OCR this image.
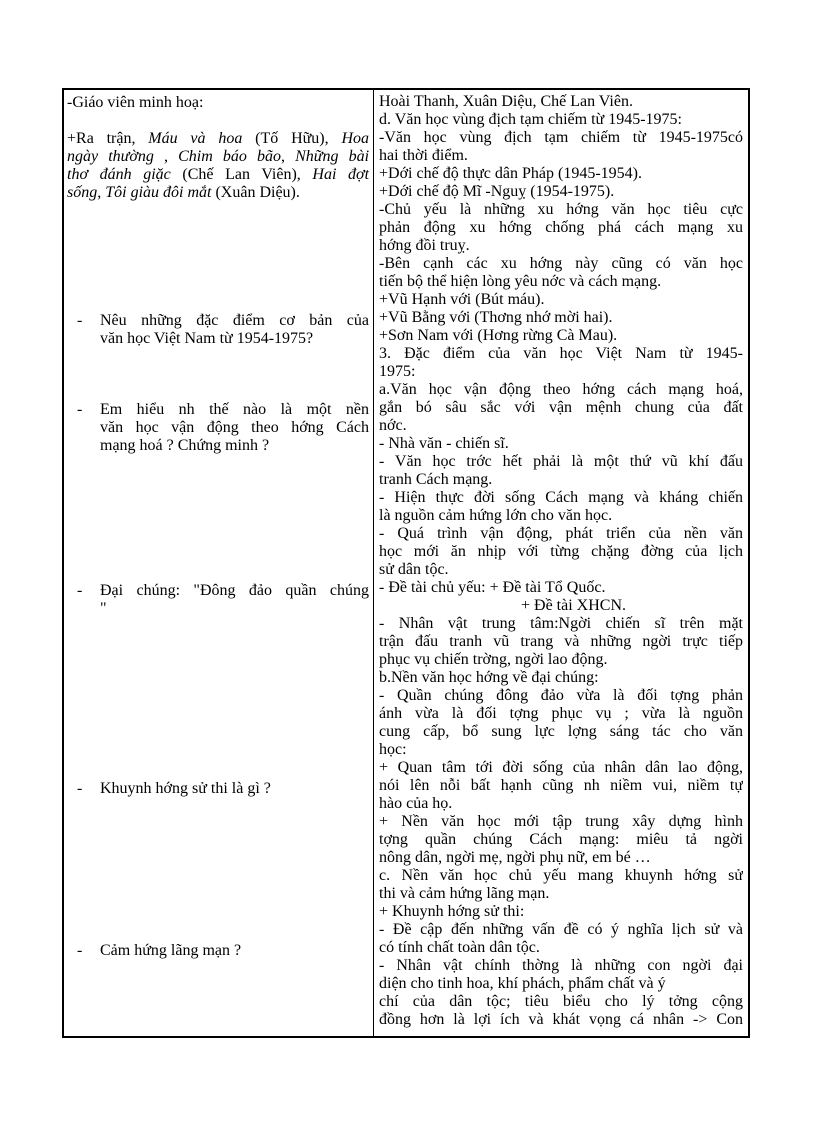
-Giáo viên minh hoạ:

+Ra trận, Máu và hoa (Tố Hữu), Hoa
ngày thường , Chim báo bão, Những bài
thơ đánh giặc (Chế Lan Viên), Hai đợt
sống, Tôi giàu đôi mắt (Xuân Diệu).
- Nêu những đặc điểm cơ bản của
văn học Việt Nam từ 1954-1975?
- Em hiểu nh thế nào là một nền
văn học vận động theo hớng Cách
mạng hoá ? Chứng minh ?
- Đại chúng: "Đông đảo quần chúng
"
- Khuynh hớng sử thi là gì ?
- Cảm hứng lãng mạn ?
Hoài Thanh, Xuân Diệu, Chế Lan Viên.
d. Văn học vùng địch tạm chiếm từ 1945-1975:
-Văn học vùng địch tạm chiếm từ 1945-1975có
hai thời điểm.
+Dới chế độ thực dân Pháp (1945-1954).
+Dới chế độ Mĩ -Nguỵ (1954-1975).
-Chủ yếu là những xu hớng văn học tiêu cực
phản động xu hớng chống phá cách mạng xu
hớng đồi truỵ.
-Bên cạnh các xu hớng này cũng có văn học
tiến bộ thể hiện lòng yêu nớc và cách mạng.
+Vũ Hạnh với (Bút máu).
+Vũ Bằng với (Thơng nhớ mời hai).
+Sơn Nam với (Hơng rừng Cà Mau).
3. Đặc điểm của văn học Việt Nam từ 1945-
1975:
a.Văn học vận động theo hớng cách mạng hoá,
gắn bó sâu sắc với vận mệnh chung của đất
nớc.
- Nhà văn - chiến sĩ.
- Văn học trớc hết phải là một thứ vũ khí đấu
tranh Cách mạng.
- Hiện thực đời sống Cách mạng và kháng chiến
là nguồn cảm hứng lớn cho văn học.
- Quá trình vận động, phát triển của nền văn
học mới ăn nhịp với từng chặng đờng của lịch
sử dân tộc.
- Đề tài chủ yếu: + Đề tài Tổ Quốc.
+ Đề tài XHCN.
- Nhân vật trung tâm:Ngời chiến sĩ trên mặt
trận đấu tranh vũ trang và những ngời trực tiếp
phục vụ chiến trờng, ngời lao động.
b.Nền văn học hớng về đại chúng:
- Quần chúng đông đảo vừa là đối tợng phản
ánh vừa là đối tợng phục vụ ; vừa là nguồn
cung cấp, bổ sung lực lợng sáng tác cho văn
học:
+ Quan tâm tới đời sống của nhân dân lao động,
nói lên nỗi bất hạnh cũng nh niềm vui, niềm tự
hào của họ.
+ Nền văn học mới tập trung xây dựng hình
tợng quần chúng Cách mạng: miêu tả ngời
nông dân, ngời mẹ, ngời phụ nữ, em bé …
c. Nền văn học chủ yếu mang khuynh hớng sử
thi và cảm hứng lãng mạn.
+ Khuynh hớng sử thi:
- Đề cập đến những vấn đề có ý nghĩa lịch sử và
có tính chất toàn dân tộc.
- Nhân vật chính thờng là những con ngời đại
diện cho tinh hoa, khí phách, phẩm chất và ý
chí của dân tộc; tiêu biểu cho lý tởng cộng
đồng hơn là lợi ích và khát vọng cá nhân -> Con
